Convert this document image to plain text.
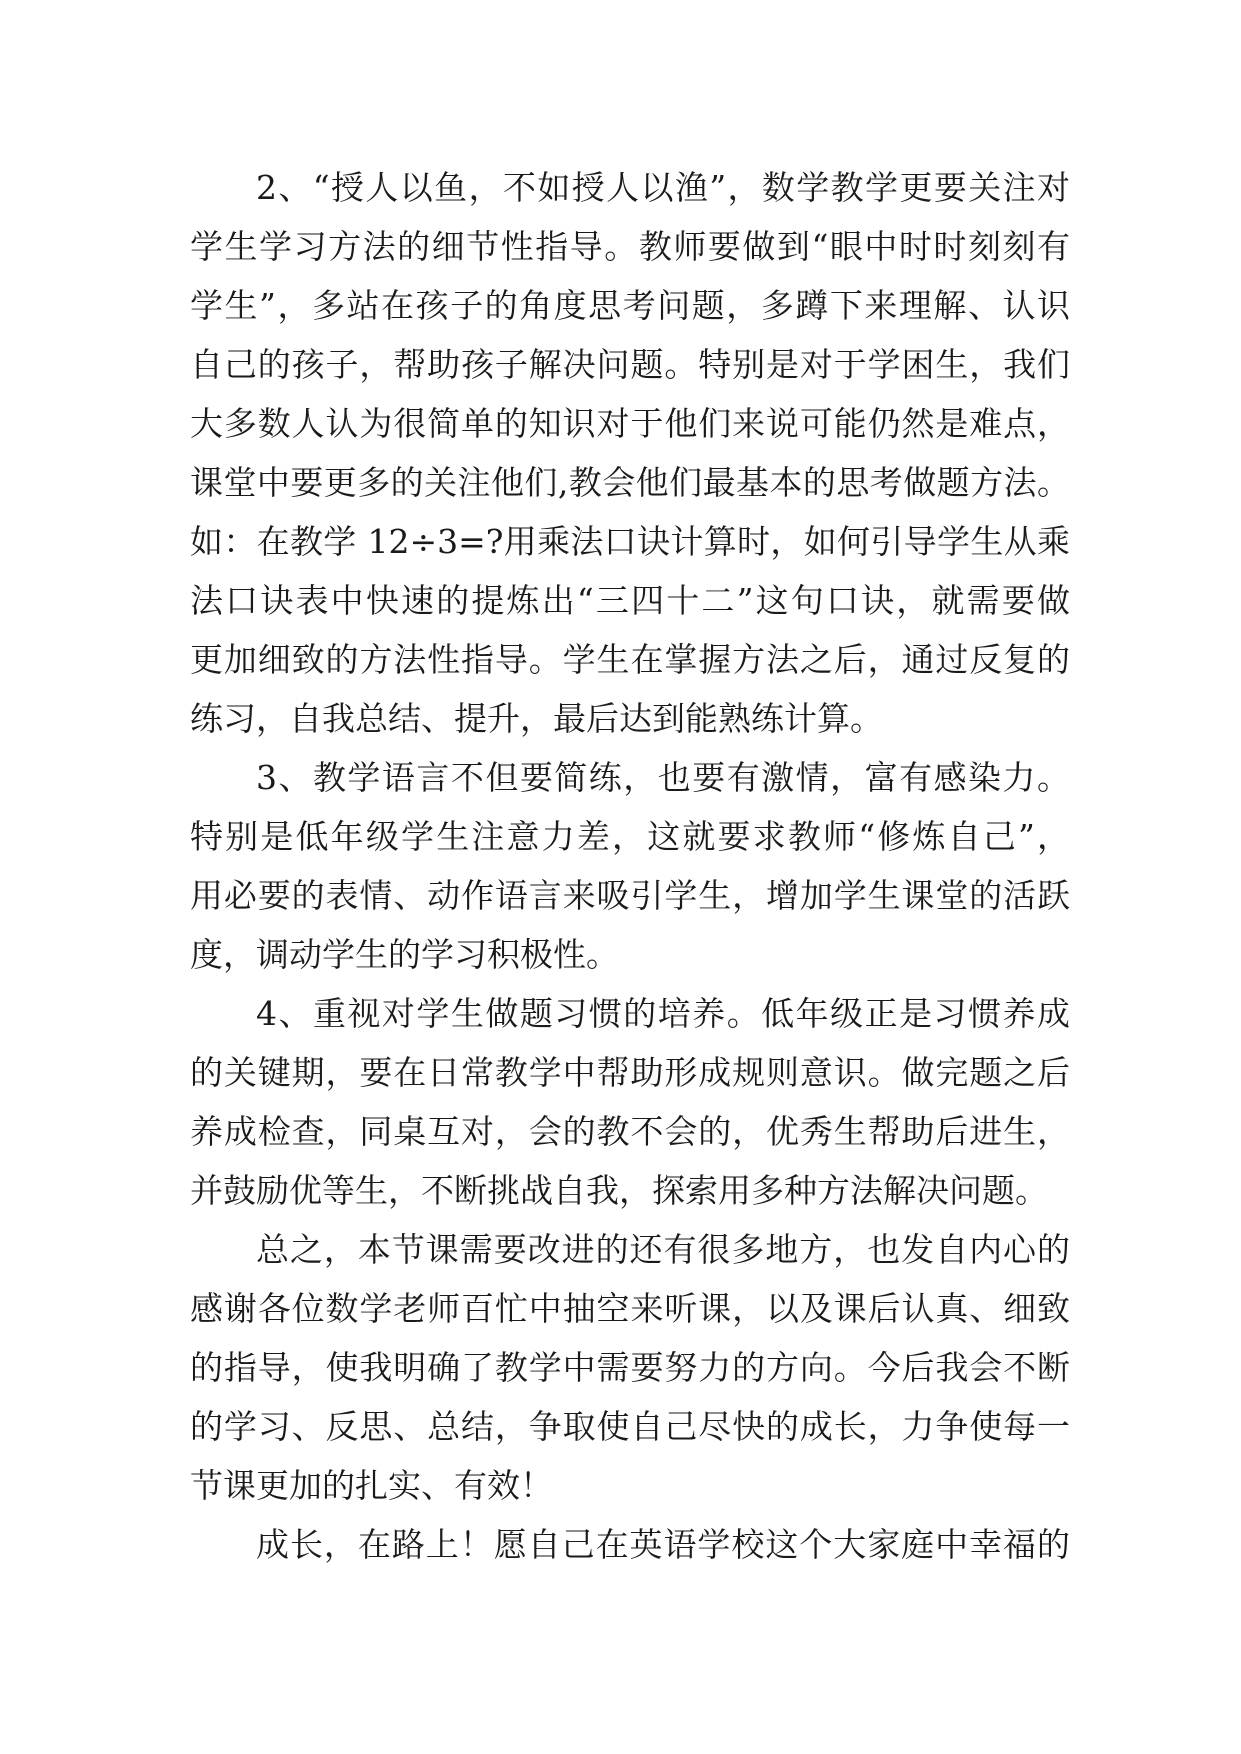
2、“授人以鱼，不如授人以渔”，数学教学更要关注对
学生学习方法的细节性指导。教师要做到“眼中时时刻刻有
学生”，多站在孩子的角度思考问题，多蹲下来理解、认识
自己的孩子，帮助孩子解决问题。特别是对于学困生，我们
大多数人认为很简单的知识对于他们来说可能仍然是难点，
课堂中要更多的关注他们,教会他们最基本的思考做题方法。
如：在教学 12÷3=?用乘法口诀计算时，如何引导学生从乘
法口诀表中快速的提炼出“三四十二”这句口诀，就需要做
更加细致的方法性指导。学生在掌握方法之后，通过反复的
练习，自我总结、提升，最后达到能熟练计算。
3、教学语言不但要简练，也要有激情，富有感染力。
特别是低年级学生注意力差，这就要求教师“修炼自己”，
用必要的表情、动作语言来吸引学生，增加学生课堂的活跃
度，调动学生的学习积极性。
4、重视对学生做题习惯的培养。低年级正是习惯养成
的关键期，要在日常教学中帮助形成规则意识。做完题之后
养成检查，同桌互对，会的教不会的，优秀生帮助后进生，
并鼓励优等生，不断挑战自我，探索用多种方法解决问题。
总之，本节课需要改进的还有很多地方，也发自内心的
感谢各位数学老师百忙中抽空来听课，以及课后认真、细致
的指导，使我明确了教学中需要努力的方向。今后我会不断
的学习、反思、总结，争取使自己尽快的成长，力争使每一
节课更加的扎实、有效！
成长，在路上！愿自己在英语学校这个大家庭中幸福的
